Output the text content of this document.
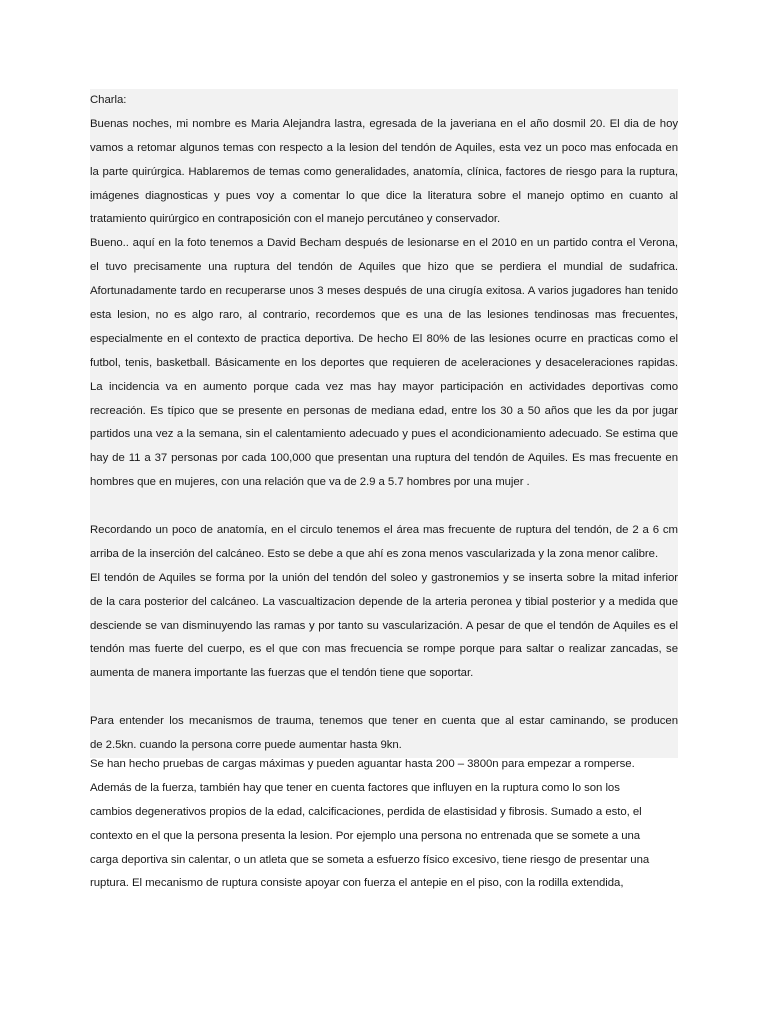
Charla:
Buenas noches, mi nombre es Maria Alejandra lastra, egresada de la javeriana en el año dosmil 20. El dia de hoy
vamos a retomar algunos temas con respecto a la lesion del tendón de Aquiles, esta vez un poco mas enfocada en
la parte quirúrgica. Hablaremos de temas como generalidades, anatomía, clínica, factores de riesgo para la ruptura,
imágenes diagnosticas y pues voy a comentar lo que dice la literatura sobre el manejo optimo en cuanto al
tratamiento quirúrgico en contraposición con el manejo percutáneo y conservador.
Bueno.. aquí en la foto tenemos a David Becham después de lesionarse en el 2010 en un partido contra el Verona,
el tuvo precisamente una ruptura del tendón de Aquiles que hizo que se perdiera el mundial de sudafrica.
Afortunadamente tardo en recuperarse unos 3 meses después de una cirugía exitosa. A varios jugadores han tenido
esta lesion, no es algo raro, al contrario, recordemos que es una de las lesiones tendinosas mas frecuentes,
especialmente en el contexto de practica deportiva. De hecho El 80% de las lesiones ocurre en practicas como el
futbol, tenis, basketball. Básicamente en los deportes que requieren de aceleraciones y desaceleraciones rapidas.
La incidencia va en aumento porque cada vez mas hay mayor participación en actividades deportivas como
recreación. Es típico que se presente en personas de mediana edad, entre los 30 a 50 años que les da por jugar
partidos una vez a la semana, sin el calentamiento adecuado y pues el acondicionamiento adecuado. Se estima que
hay de 11 a 37 personas por cada 100,000 que presentan una ruptura del tendón de Aquiles. Es mas frecuente en
hombres que en mujeres, con una relación que va de 2.9 a 5.7 hombres por una mujer .
Recordando un poco de anatomía, en el circulo tenemos el área mas frecuente de ruptura del tendón, de 2 a 6 cm
arriba de la inserción del calcáneo. Esto se debe a que ahí es zona menos vascularizada y la zona menor calibre.
El tendón de Aquiles se forma por la unión del tendón del soleo y gastronemios y se inserta sobre la mitad inferior
de la cara posterior del calcáneo. La vascualtizacion depende de la arteria peronea y tibial posterior y a medida que
desciende se van disminuyendo las ramas y por tanto su vascularización. A pesar de que el tendón de Aquiles es el
tendón mas fuerte del cuerpo, es el que con mas frecuencia se rompe porque para saltar o realizar zancadas, se
aumenta de manera importante las fuerzas que el tendón tiene que soportar.
Para entender los mecanismos de trauma, tenemos que tener en cuenta que al estar caminando, se producen
de 2.5kn. cuando la persona corre puede aumentar hasta 9kn.
Se han hecho pruebas de cargas máximas y pueden aguantar hasta 200 – 3800n para empezar a romperse.
Además de la fuerza, también hay que tener en cuenta factores que influyen en la ruptura como lo son los
cambios degenerativos propios de la edad, calcificaciones, perdida de elastisidad y fibrosis. Sumado a esto, el
contexto en el que la persona presenta la lesion. Por ejemplo una persona no entrenada que se somete a una
carga deportiva sin calentar, o un atleta que se someta a esfuerzo físico excesivo, tiene riesgo de presentar una
ruptura. El mecanismo de ruptura consiste apoyar con fuerza el antepie en el piso, con la rodilla extendida,
